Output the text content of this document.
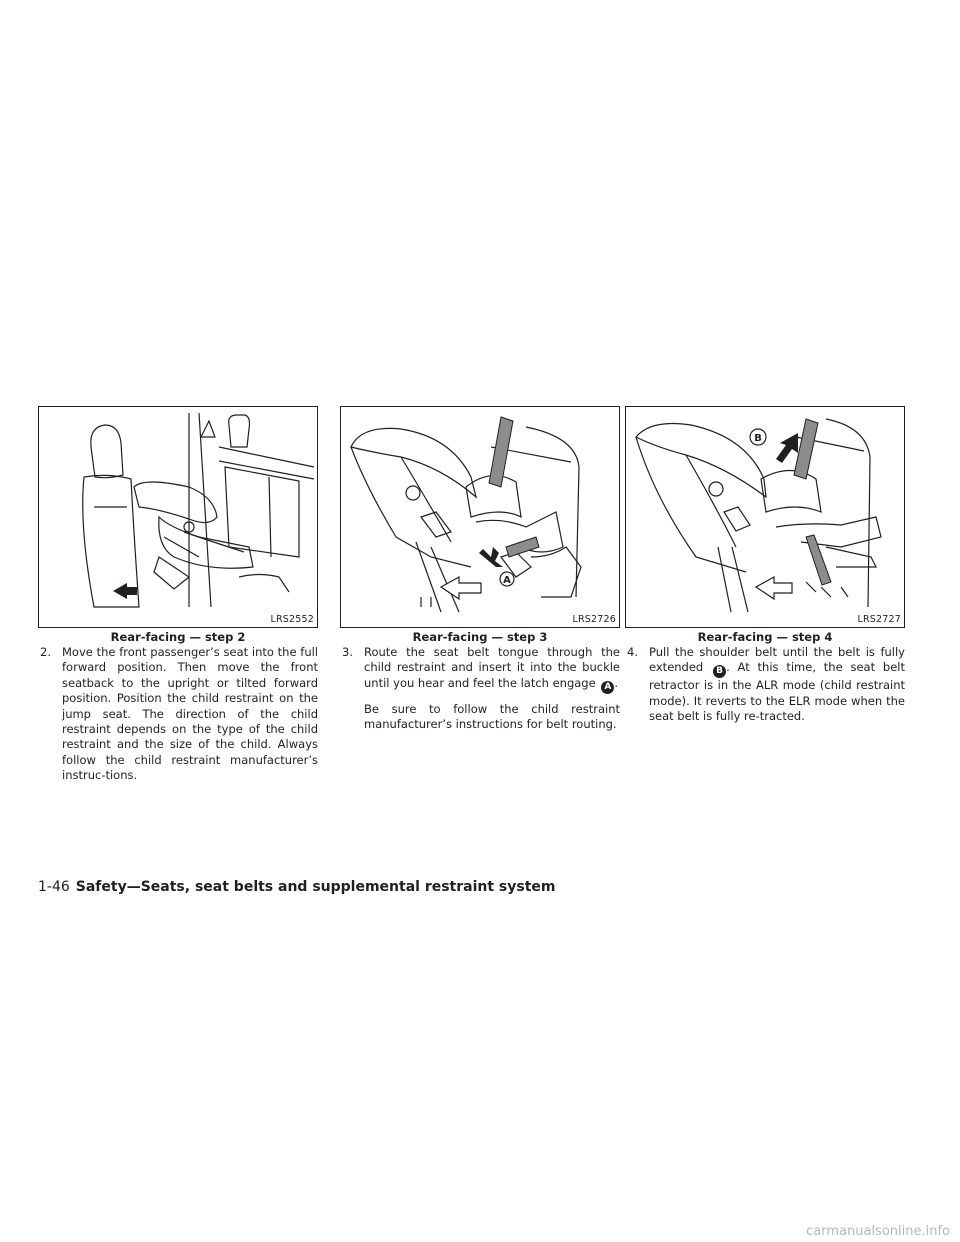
LRS2552
Rear-facing — step 2
2. Move the front passenger’s seat into the full forward position. Then move the front seatback to the upright or tilted forward position. Position the child restraint on the jump seat. The direction of the child restraint depends on the type of the child restraint and the size of the child. Always follow the child restraint manufacturer’s instruc-tions.
A
LRS2726
Rear-facing — step 3
3. Route the seat belt tongue through the child restraint and insert it into the buckle until you hear and feel the latch engage A .
Be sure to follow the child restraint manufacturer’s instructions for belt routing.
B
LRS2727
Rear-facing — step 4
4. Pull the shoulder belt until the belt is fully extended B . At this time, the seat belt retractor is in the ALR mode (child restraint mode). It reverts to the ELR mode when the seat belt is fully re-tracted.
1-46 Safety—Seats, seat belts and supplemental restraint system
carmanualsonline.info
